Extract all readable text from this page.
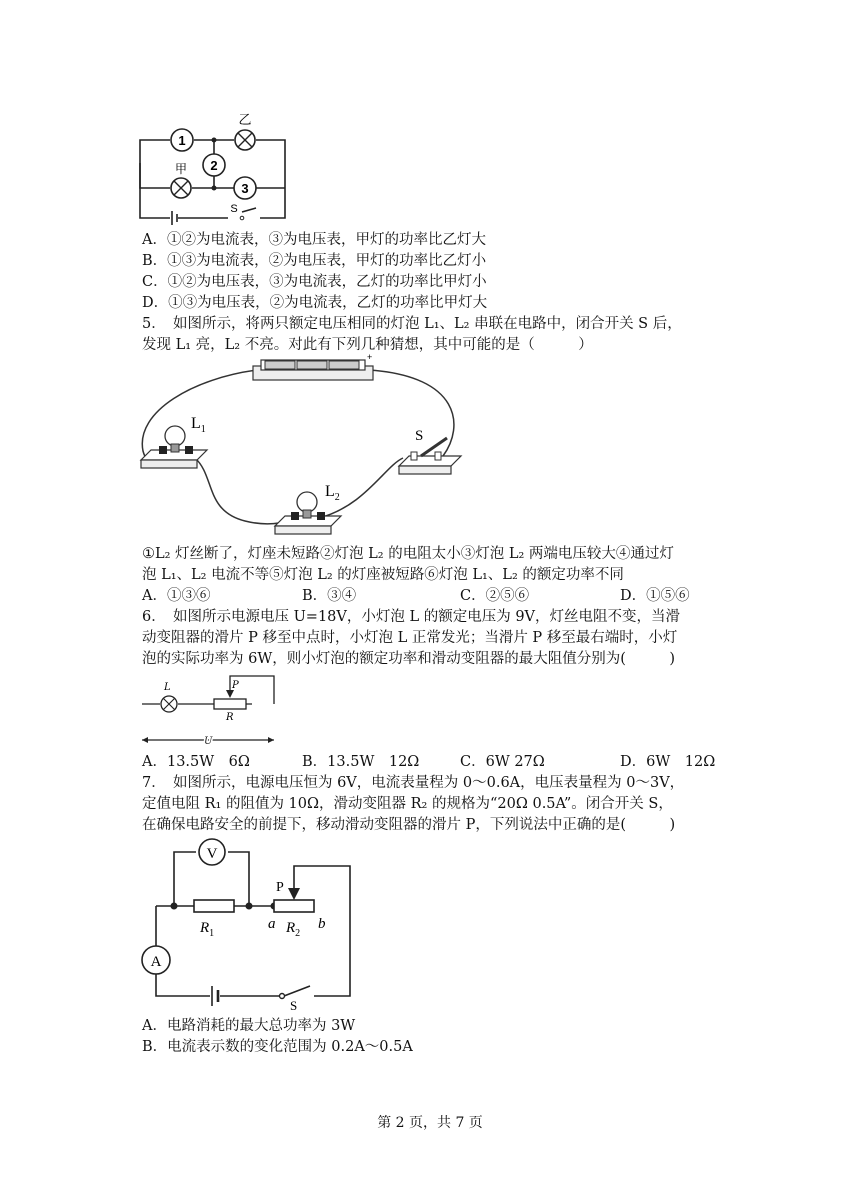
1
2
3
乙
甲
S
A．①②为电流表，③为电压表，甲灯的功率比乙灯大
B．①③为电流表，②为电压表，甲灯的功率比乙灯小
C．①②为电压表，③为电流表，乙灯的功率比甲灯小
D．①③为电压表，②为电流表，乙灯的功率比甲灯大
5．　如图所示，将两只额定电压相同的灯泡 L₁、L₂ 串联在电路中，闭合开关 S 后，
发现 L₁ 亮，L₂ 不亮。对此有下列几种猜想，其中可能的是（　　　）
+
$L_1$	S
$L_2$
①L₂ 灯丝断了，灯座未短路②灯泡 L₂ 的电阻太小③灯泡 L₂ 两端电压较大④通过灯
泡 L₁、L₂ 电流不等⑤灯泡 L₂ 的灯座被短路⑥灯泡 L₁、L₂ 的额定功率不同
A．①③⑥	B．③④	C．②⑤⑥	D．①⑤⑥
6．　如图所示电源电压 U=18V，小灯泡 L 的额定电压为 9V，灯丝电阻不变，当滑
动变阻器的滑片 P 移至中点时，小灯泡 L 正常发光；当滑片 P 移至最右端时，小灯
泡的实际功率为 6W，则小灯泡的额定功率和滑动变阻器的最大阻值分别为(　　　)
L	P
R
U
A．13.5W　6Ω	B．13.5W　12Ω	C．6W 27Ω	D．6W　12Ω
7．　如图所示，电源电压恒为 6V，电流表量程为 0～0.6A，电压表量程为 0～3V，
定值电阻 R₁ 的阻值为 10Ω，滑动变阻器 R₂ 的规格为“20Ω 0.5A”。闭合开关 S，
在确保电路安全的前提下，移动滑动变阻器的滑片 P，下列说法中正确的是(　　　)
V
A
P
$R_1$
a $R_2$
b
S
A．电路消耗的最大总功率为 3W
B．电流表示数的变化范围为 0.2A～0.5A
第 2 页，共 7 页
